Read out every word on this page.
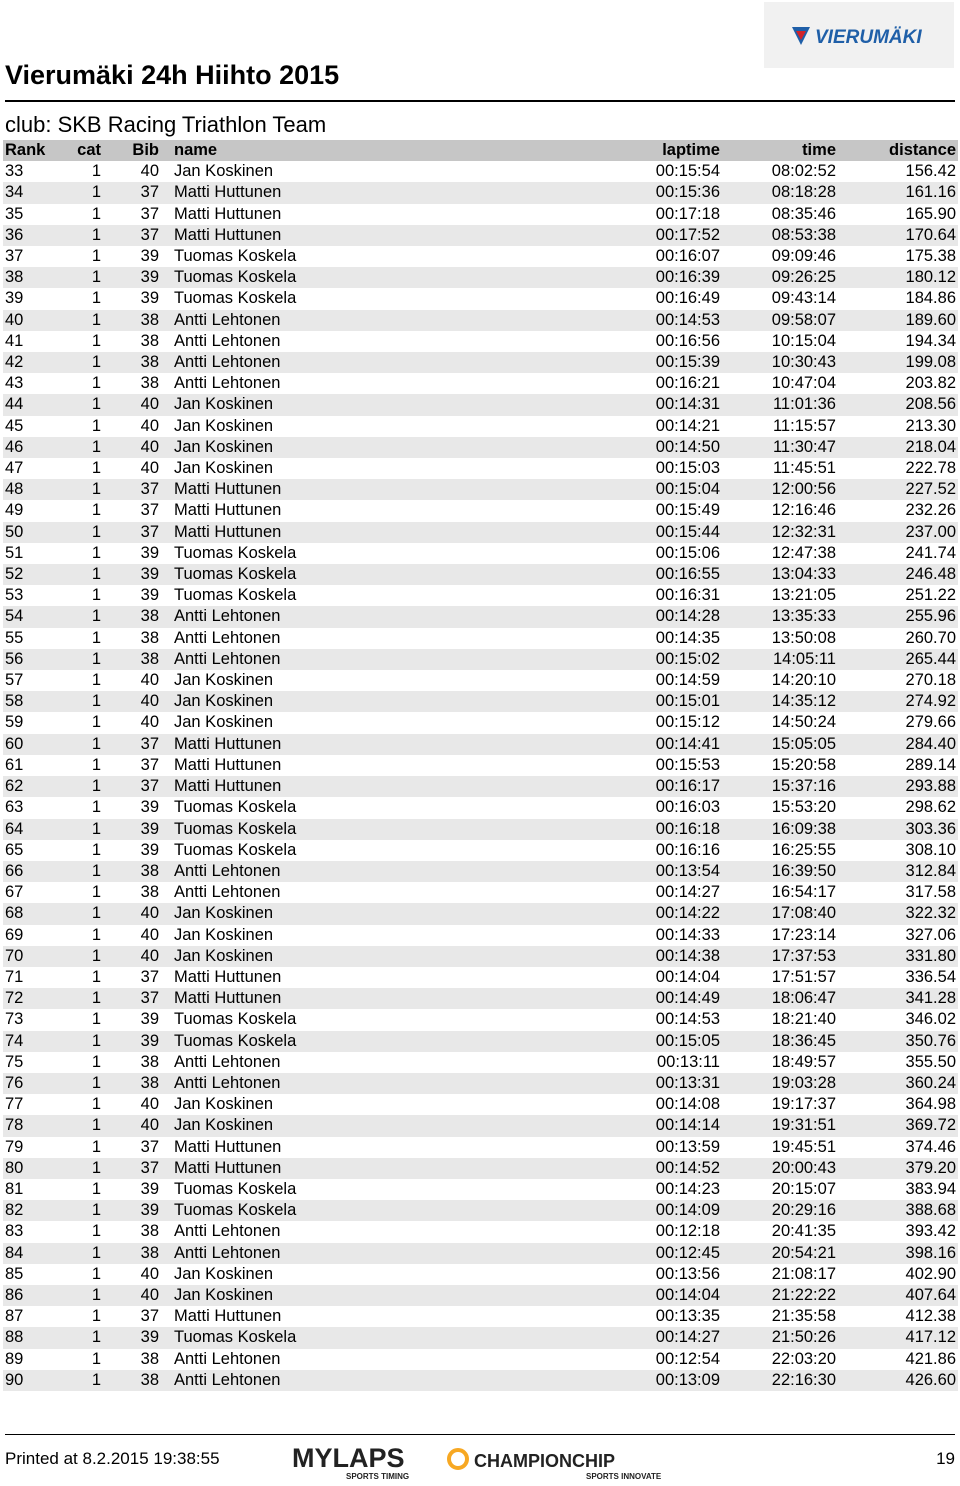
VIERUMÄKI
Vierumäki 24h Hiihto 2015
club: SKB Racing Triathlon Team
Rank	cat	Bib	name	laptime	time	distance
33	1	40	Jan Koskinen	00:15:54	08:02:52	156.42
34	1	37	Matti Huttunen	00:15:36	08:18:28	161.16
35	1	37	Matti Huttunen	00:17:18	08:35:46	165.90
36	1	37	Matti Huttunen	00:17:52	08:53:38	170.64
37	1	39	Tuomas Koskela	00:16:07	09:09:46	175.38
38	1	39	Tuomas Koskela	00:16:39	09:26:25	180.12
39	1	39	Tuomas Koskela	00:16:49	09:43:14	184.86
40	1	38	Antti Lehtonen	00:14:53	09:58:07	189.60
41	1	38	Antti Lehtonen	00:16:56	10:15:04	194.34
42	1	38	Antti Lehtonen	00:15:39	10:30:43	199.08
43	1	38	Antti Lehtonen	00:16:21	10:47:04	203.82
44	1	40	Jan Koskinen	00:14:31	11:01:36	208.56
45	1	40	Jan Koskinen	00:14:21	11:15:57	213.30
46	1	40	Jan Koskinen	00:14:50	11:30:47	218.04
47	1	40	Jan Koskinen	00:15:03	11:45:51	222.78
48	1	37	Matti Huttunen	00:15:04	12:00:56	227.52
49	1	37	Matti Huttunen	00:15:49	12:16:46	232.26
50	1	37	Matti Huttunen	00:15:44	12:32:31	237.00
51	1	39	Tuomas Koskela	00:15:06	12:47:38	241.74
52	1	39	Tuomas Koskela	00:16:55	13:04:33	246.48
53	1	39	Tuomas Koskela	00:16:31	13:21:05	251.22
54	1	38	Antti Lehtonen	00:14:28	13:35:33	255.96
55	1	38	Antti Lehtonen	00:14:35	13:50:08	260.70
56	1	38	Antti Lehtonen	00:15:02	14:05:11	265.44
57	1	40	Jan Koskinen	00:14:59	14:20:10	270.18
58	1	40	Jan Koskinen	00:15:01	14:35:12	274.92
59	1	40	Jan Koskinen	00:15:12	14:50:24	279.66
60	1	37	Matti Huttunen	00:14:41	15:05:05	284.40
61	1	37	Matti Huttunen	00:15:53	15:20:58	289.14
62	1	37	Matti Huttunen	00:16:17	15:37:16	293.88
63	1	39	Tuomas Koskela	00:16:03	15:53:20	298.62
64	1	39	Tuomas Koskela	00:16:18	16:09:38	303.36
65	1	39	Tuomas Koskela	00:16:16	16:25:55	308.10
66	1	38	Antti Lehtonen	00:13:54	16:39:50	312.84
67	1	38	Antti Lehtonen	00:14:27	16:54:17	317.58
68	1	40	Jan Koskinen	00:14:22	17:08:40	322.32
69	1	40	Jan Koskinen	00:14:33	17:23:14	327.06
70	1	40	Jan Koskinen	00:14:38	17:37:53	331.80
71	1	37	Matti Huttunen	00:14:04	17:51:57	336.54
72	1	37	Matti Huttunen	00:14:49	18:06:47	341.28
73	1	39	Tuomas Koskela	00:14:53	18:21:40	346.02
74	1	39	Tuomas Koskela	00:15:05	18:36:45	350.76
75	1	38	Antti Lehtonen	00:13:11	18:49:57	355.50
76	1	38	Antti Lehtonen	00:13:31	19:03:28	360.24
77	1	40	Jan Koskinen	00:14:08	19:17:37	364.98
78	1	40	Jan Koskinen	00:14:14	19:31:51	369.72
79	1	37	Matti Huttunen	00:13:59	19:45:51	374.46
80	1	37	Matti Huttunen	00:14:52	20:00:43	379.20
81	1	39	Tuomas Koskela	00:14:23	20:15:07	383.94
82	1	39	Tuomas Koskela	00:14:09	20:29:16	388.68
83	1	38	Antti Lehtonen	00:12:18	20:41:35	393.42
84	1	38	Antti Lehtonen	00:12:45	20:54:21	398.16
85	1	40	Jan Koskinen	00:13:56	21:08:17	402.90
86	1	40	Jan Koskinen	00:14:04	21:22:22	407.64
87	1	37	Matti Huttunen	00:13:35	21:35:58	412.38
88	1	39	Tuomas Koskela	00:14:27	21:50:26	417.12
89	1	38	Antti Lehtonen	00:12:54	22:03:20	421.86
90	1	38	Antti Lehtonen	00:13:09	22:16:30	426.60
Printed at 8.2.2015 19:38:55	MYLAPS
SPORTS TIMING
CHAMPIONCHIP
SPORTS INNOVATE
19
